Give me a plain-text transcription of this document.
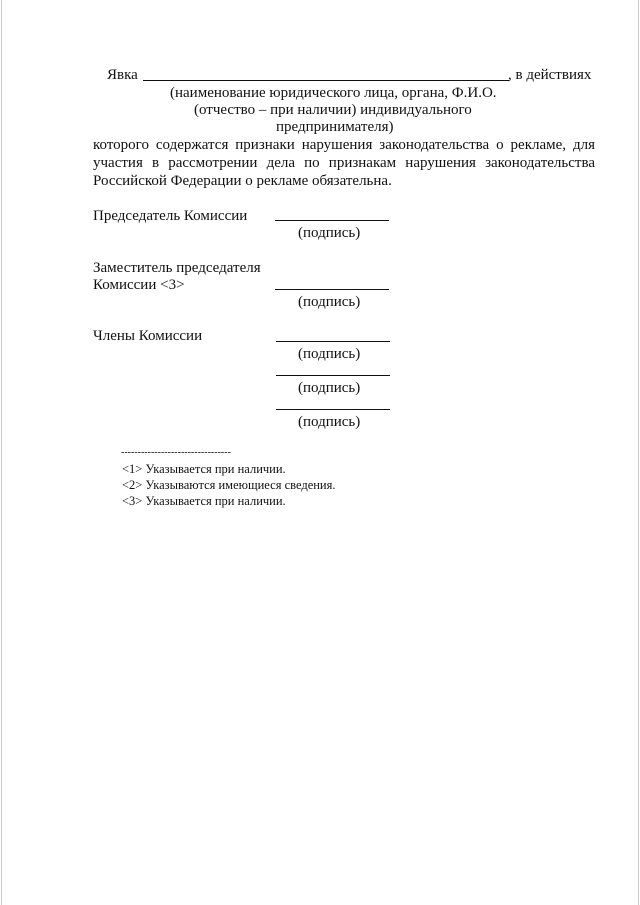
Явка	, в действиях
(наименование юридического лица, органа, Ф.И.О.
(отчество – при наличии) индивидуального
предпринимателя)
которого содержатся признаки нарушения законодательства о рекламе, для
участия в рассмотрении дела по признакам нарушения законодательства
Российской Федерации о рекламе обязательна.
Председатель Комиссии
(подпись)
Заместитель председателя
Комиссии <3>
(подпись)
Члены Комиссии
(подпись)
(подпись)
(подпись)
---------------------------------
<1> Указывается при наличии.
<2> Указываются имеющиеся сведения.
<3> Указывается при наличии.
